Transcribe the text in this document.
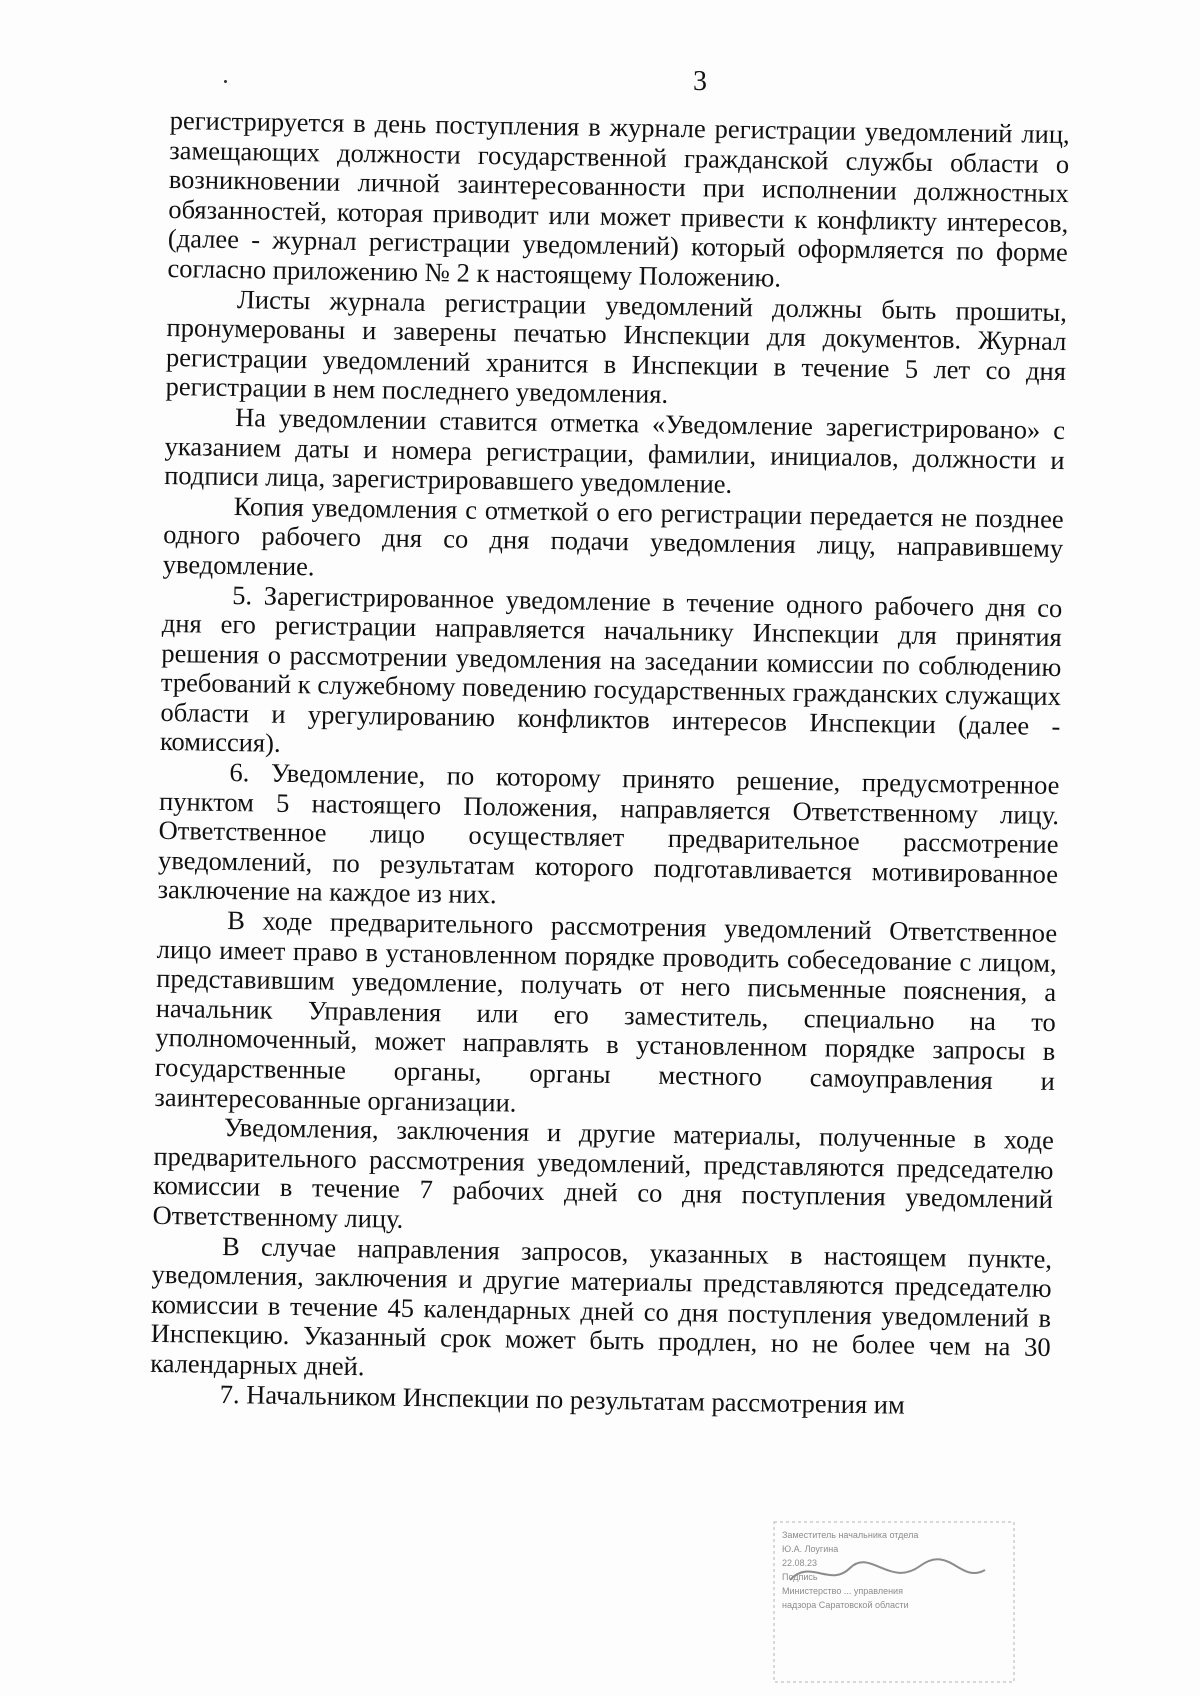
3

регистрируется в день поступления в журнале регистрации уведомлений лиц, замещающих должности государственной гражданской службы области о возникновении личной заинтересованности при исполнении должностных обязанностей, которая приводит или может привести к конфликту интересов, (далее - журнал регистрации уведомлений) который оформляется по форме согласно приложению № 2 к настоящему Положению.

Листы журнала регистрации уведомлений должны быть прошиты, пронумерованы и заверены печатью Инспекции для документов. Журнал регистрации уведомлений хранится в Инспекции в течение 5 лет со дня регистрации в нем последнего уведомления.

На уведомлении ставится отметка «Уведомление зарегистрировано» с указанием даты и номера регистрации, фамилии, инициалов, должности и подписи лица, зарегистрировавшего уведомление.

Копия уведомления с отметкой о его регистрации передается не позднее одного рабочего дня со дня подачи уведомления лицу, направившему уведомление.

5. Зарегистрированное уведомление в течение одного рабочего дня со дня его регистрации направляется начальнику Инспекции для принятия решения о рассмотрении уведомления на заседании комиссии по соблюдению требований к служебному поведению государственных гражданских служащих области и урегулированию конфликтов интересов Инспекции (далее - комиссия).

6. Уведомление, по которому принято решение, предусмотренное пунктом 5 настоящего Положения, направляется Ответственному лицу. Ответственное лицо осуществляет предварительное рассмотрение уведомлений, по результатам которого подготавливается мотивированное заключение на каждое из них.

В ходе предварительного рассмотрения уведомлений Ответственное лицо имеет право в установленном порядке проводить собеседование с лицом, представившим уведомление, получать от него письменные пояснения, а начальник Управления или его заместитель, специально на то уполномоченный, может направлять в установленном порядке запросы в государственные органы, органы местного самоуправления и заинтересованные организации.

Уведомления, заключения и другие материалы, полученные в ходе предварительного рассмотрения уведомлений, представляются председателю комиссии в течение 7 рабочих дней со дня поступления уведомлений Ответственному лицу.

В случае направления запросов, указанных в настоящем пункте, уведомления, заключения и другие материалы представляются председателю комиссии в течение 45 календарных дней со дня поступления уведомлений в Инспекцию. Указанный срок может быть продлен, но не более чем на 30 календарных дней.

7. Начальником Инспекции по результатам рассмотрения им

Заместитель начальника отдела
Ю.А. Лоугина
22.08.23
Подпись
Министерство ... управления
надзора Саратовской области
